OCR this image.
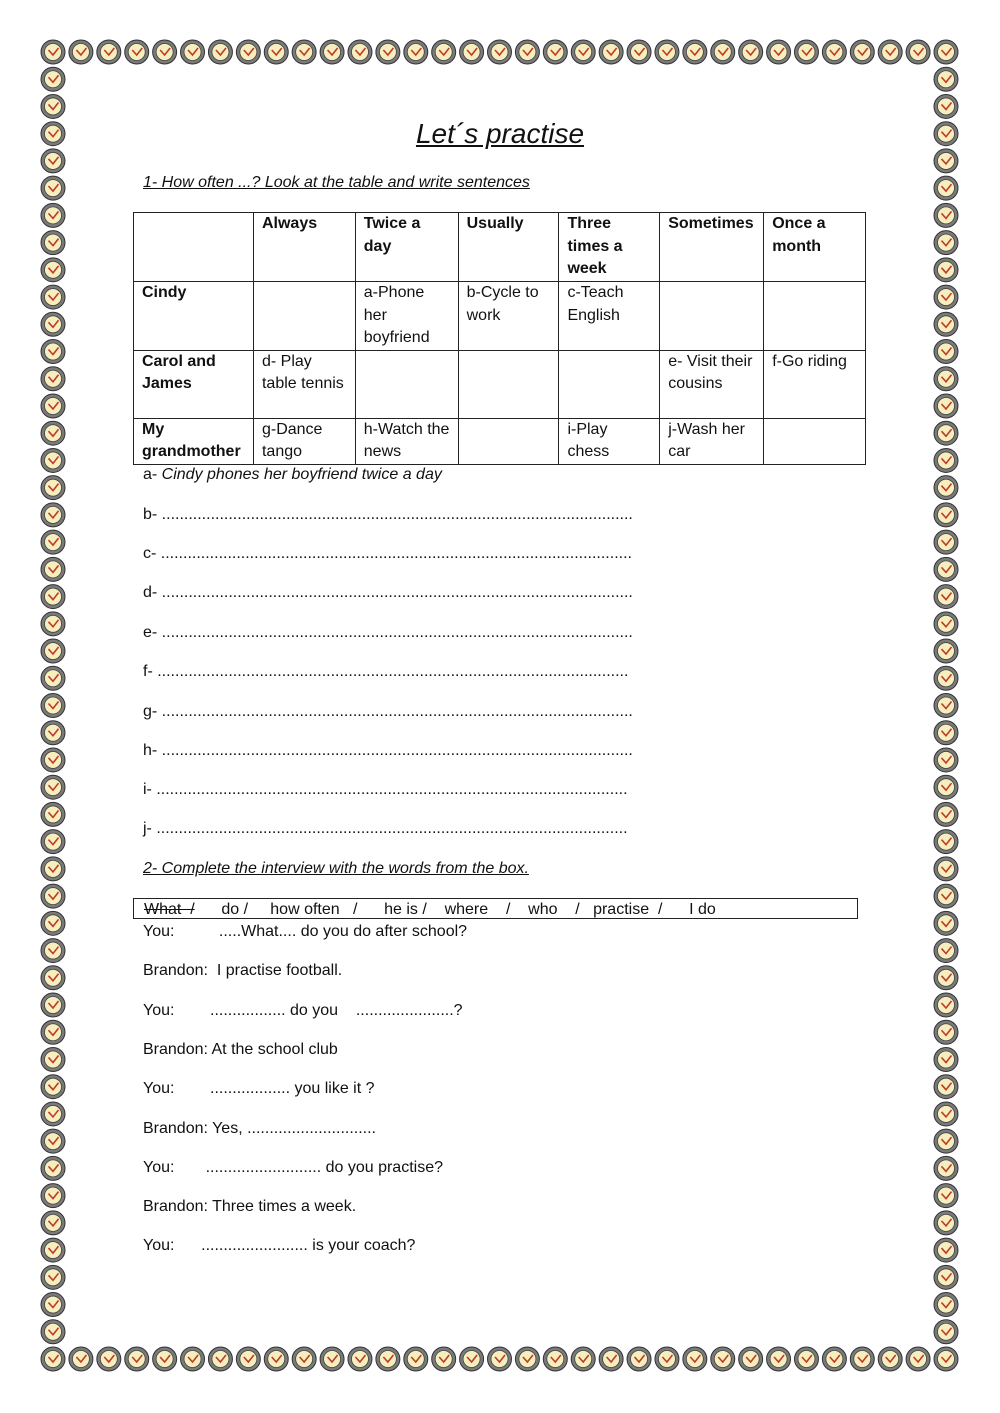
Let´s practise
1- How often ...? Look at the table and write sentences
	Always	Twice a day	Usually	Three times a week	Sometimes	Once a month
Cindy		a-Phone her boyfriend	b-Cycle to work	c-Teach English		
Carol and James	d- Play table tennis				e- Visit their cousins	f-Go riding
My grandmother	g-Dance tango	h-Watch the news		i-Play chess	j-Wash her car	
a- Cindy phones her boyfriend twice a day
b- ..........................................................................................................
c- ..........................................................................................................
d- ..........................................................................................................
e- ..........................................................................................................
f- ..........................................................................................................
g- ..........................................................................................................
h- ..........................................................................................................
i- ..........................................................................................................
j- ..........................................................................................................
2- Complete the interview with the words from the box.
What  /      do /     how often   /      he is /    where    /    who    /   practise  /      I do
You:          .....What.... do you do after school?
Brandon:  I practise football.
You:        ................. do you    ......................?
Brandon: At the school club
You:        .................. you like it ?
Brandon: Yes, .............................
You:       .......................... do you practise?
Brandon: Three times a week.
You:      ........................ is your coach?
